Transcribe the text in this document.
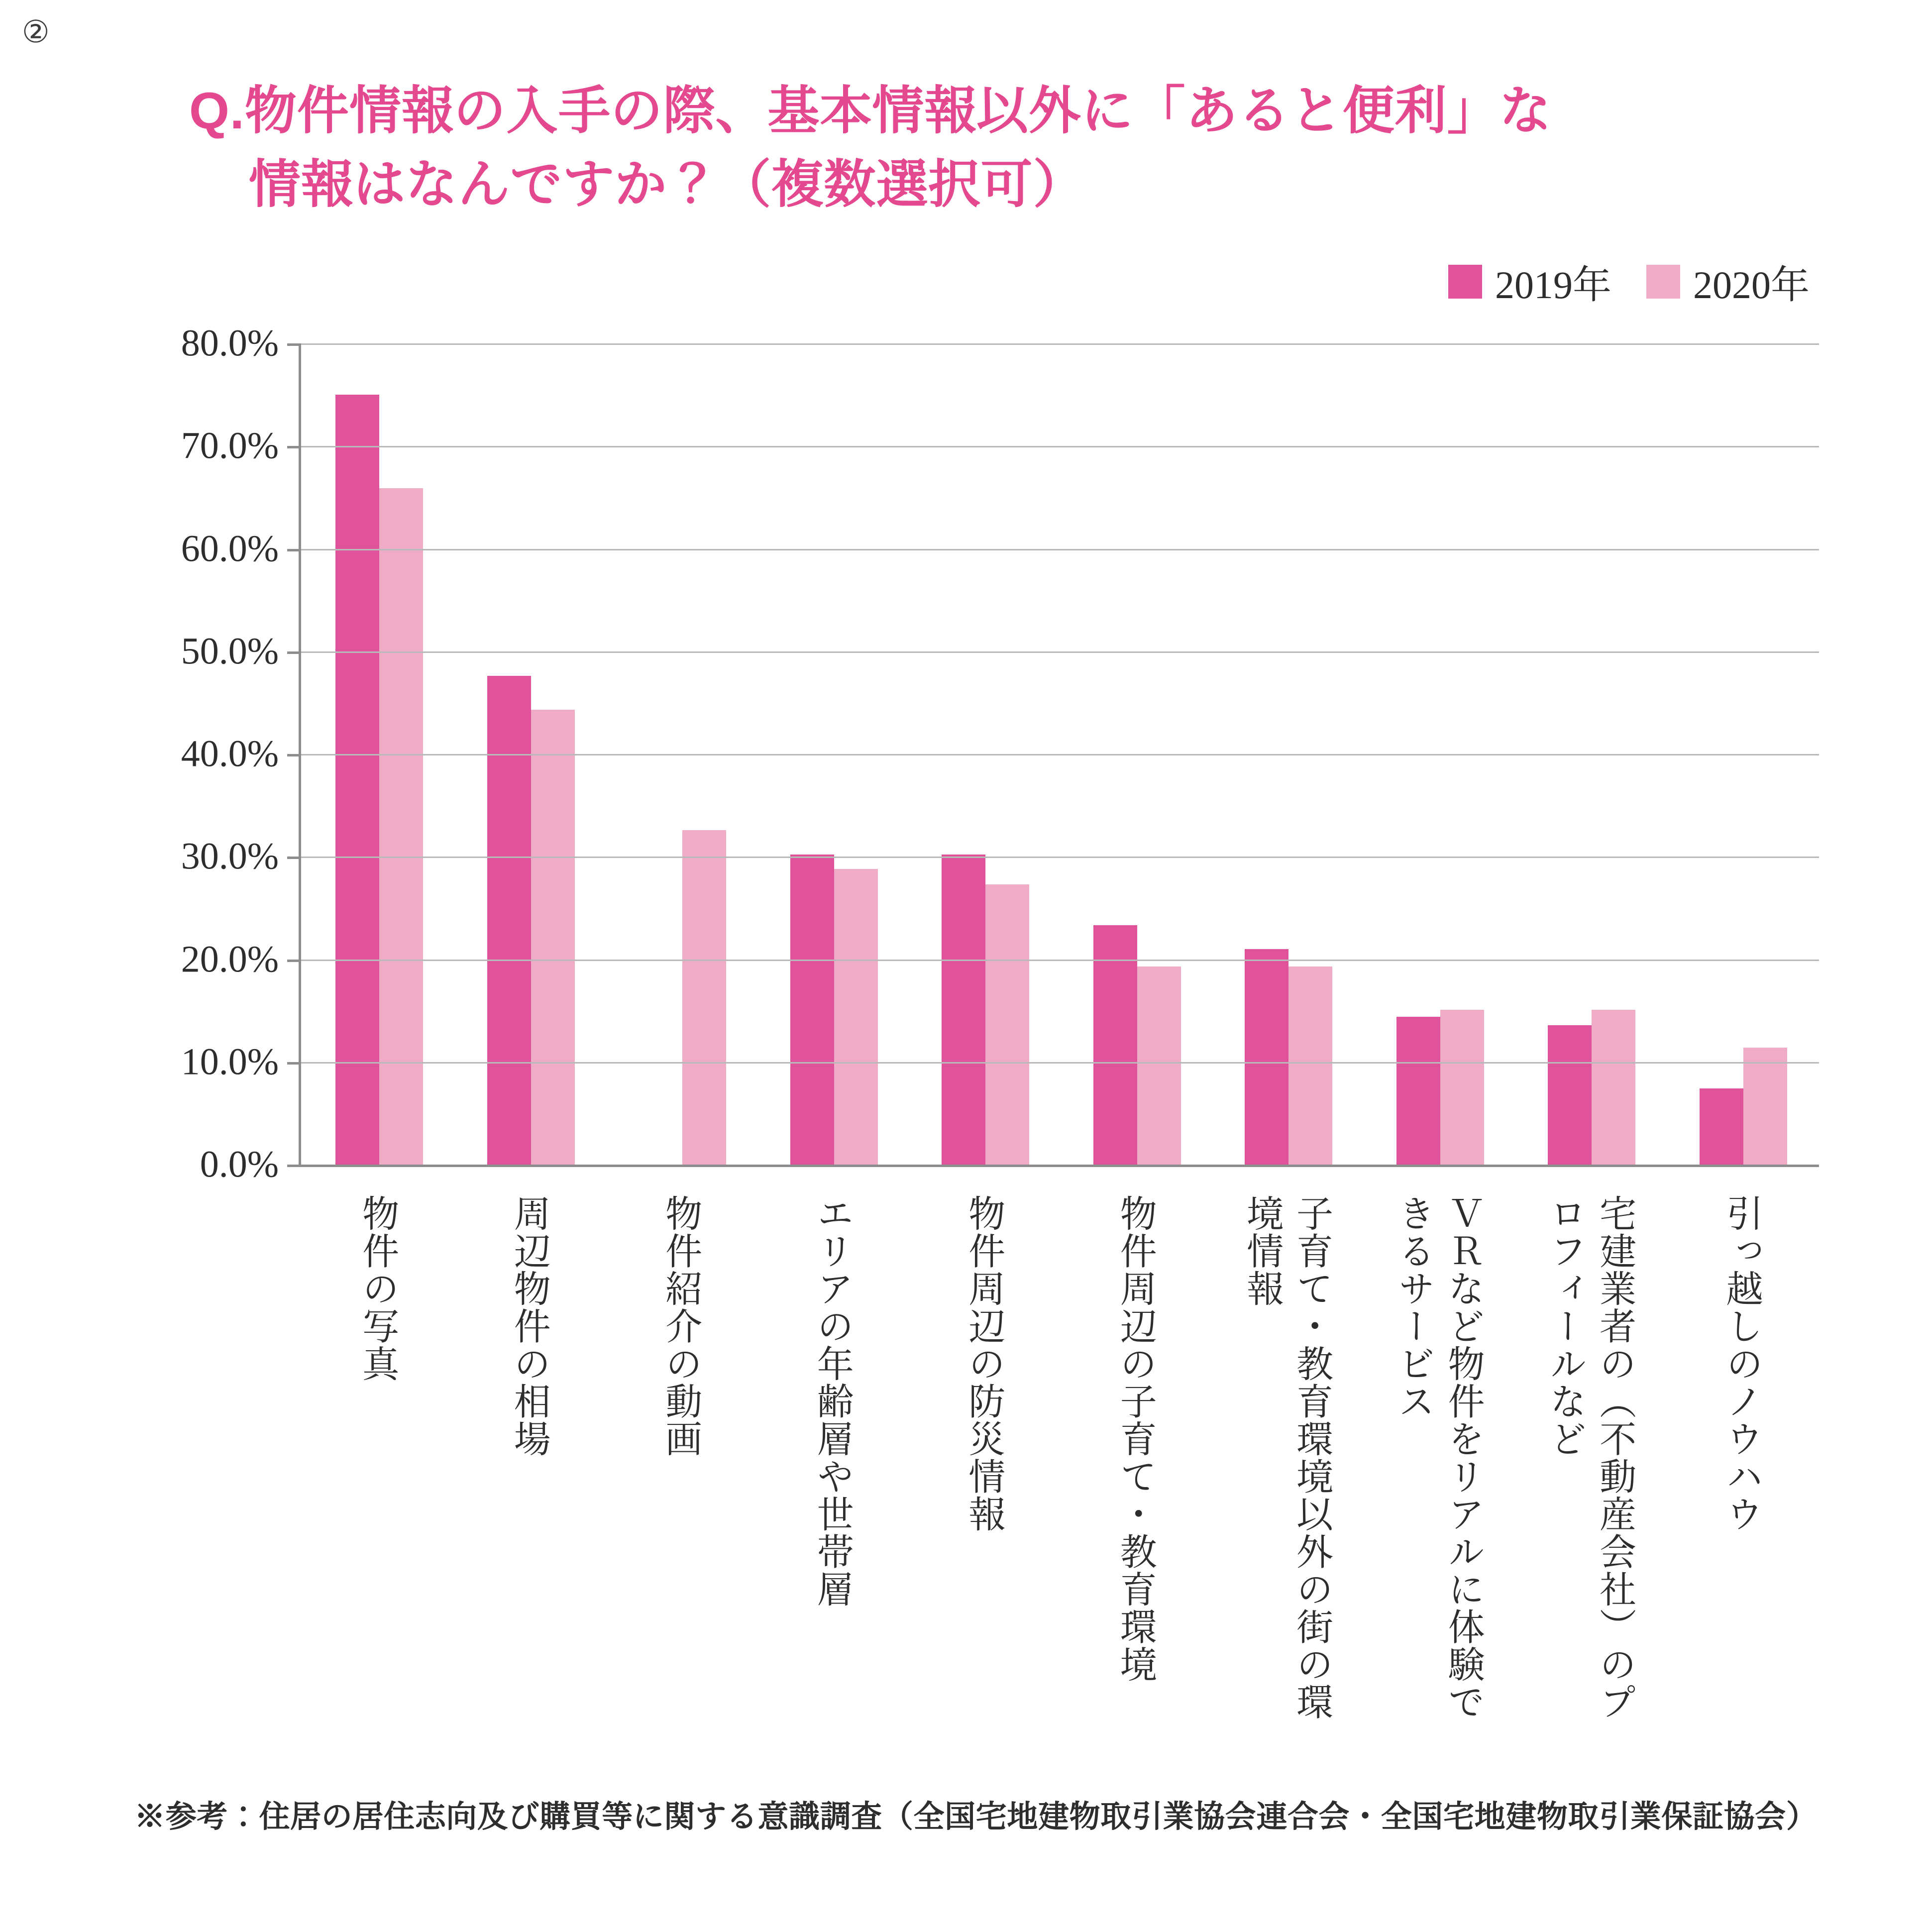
②
Q.物件情報の入手の際、基本情報以外に「あると便利」な
情報はなんですか？（複数選択可）
2019年 2020年
80.0%
70.0%
60.0%
50.0%
40.0%
30.0%
20.0%
10.0%
0.0%
物件の写真	周辺物件の相場	物件紹介の動画	エリアの年齢層や世帯層	物件周辺の防災情報	物件周辺の子育て・教育環境	子育て・教育環境以外の街の環境情報	ＶＲなど物件をリアルに体験できるサービス	宅建業者の（不動産会社）のプロフィールなど	引っ越しのノウハウ
※参考：住居の居住志向及び購買等に関する意識調査（全国宅地建物取引業協会連合会・全国宅地建物取引業保証協会）
